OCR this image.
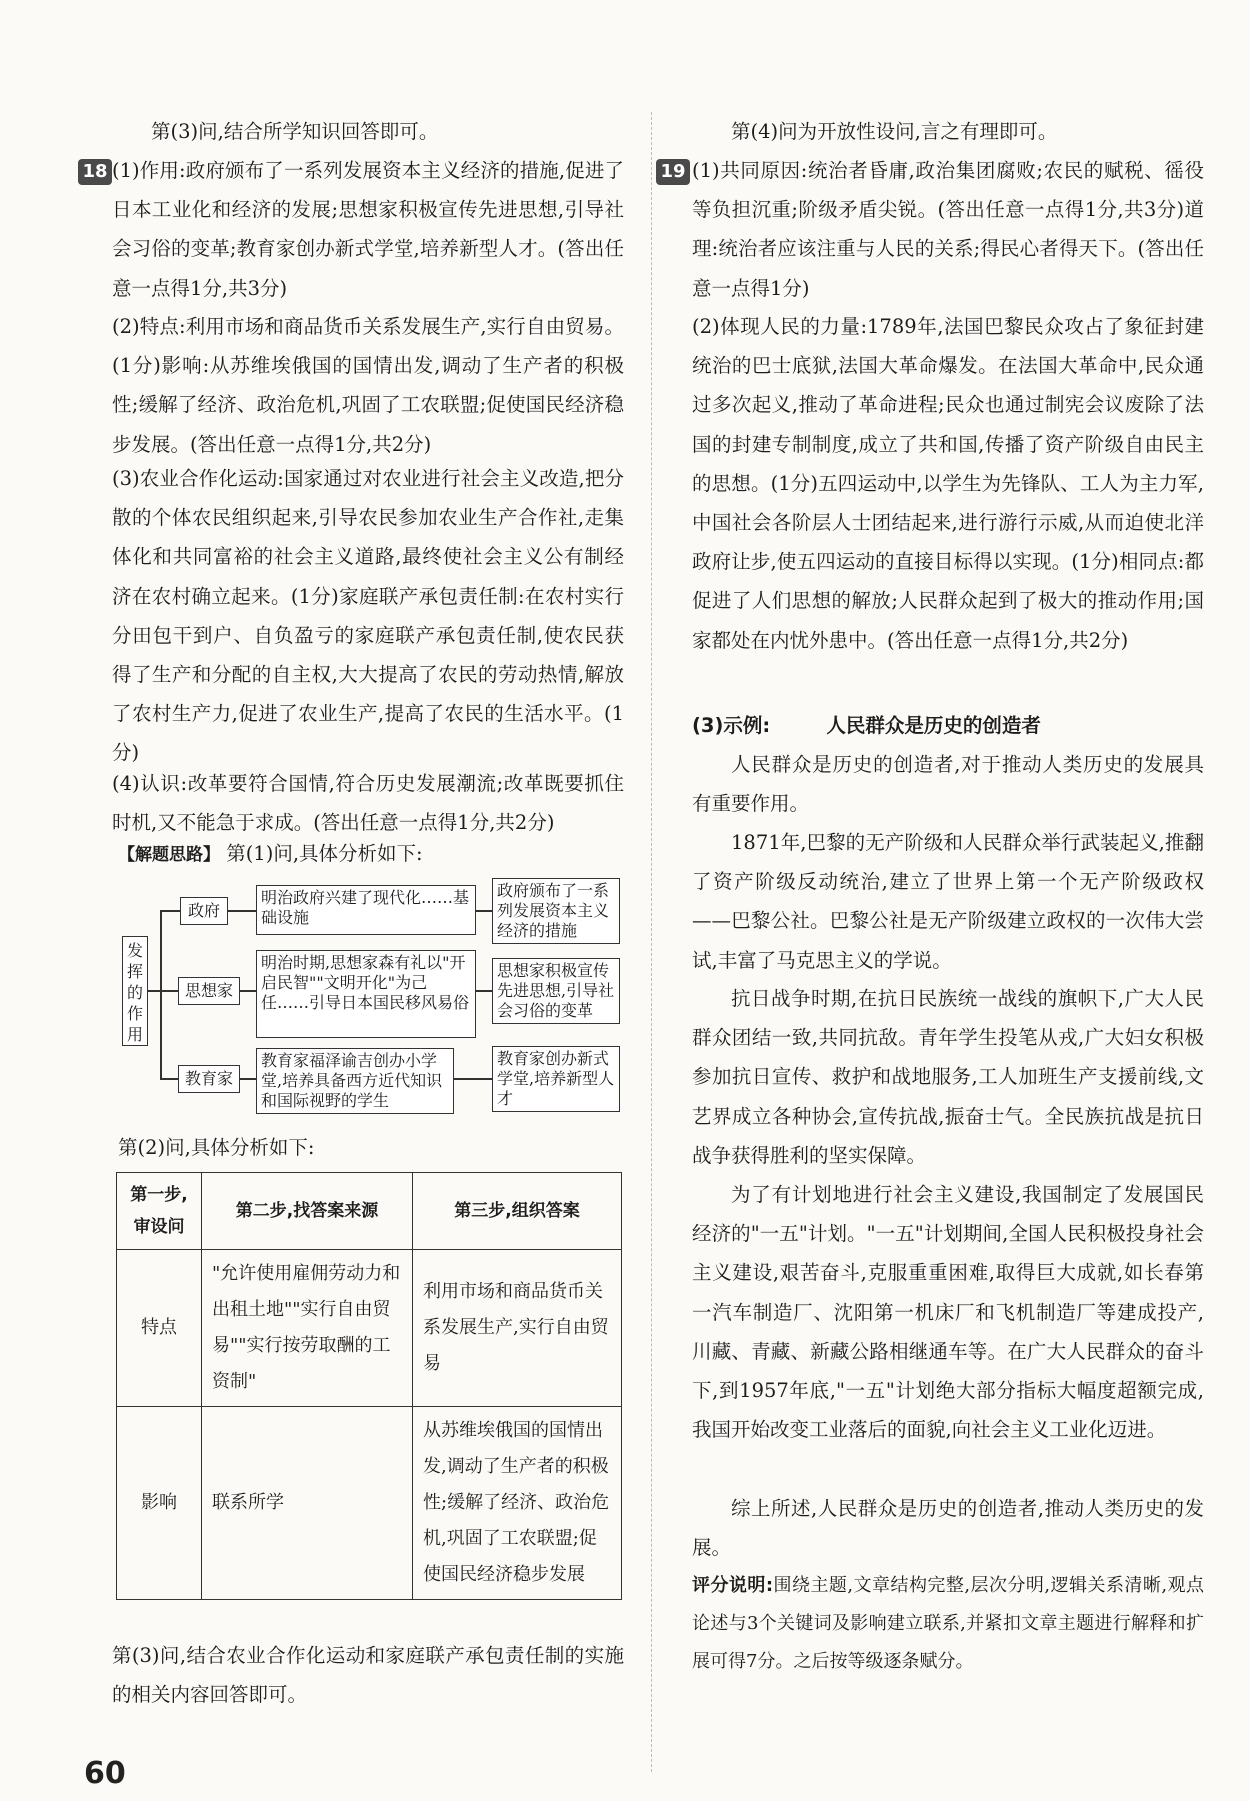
第(3)问,结合所学知识回答即可。

18 (1)作用:政府颁布了一系列发展资本主义经济的措施,促进了日本工业化和经济的发展;思想家积极宣传先进思想,引导社会习俗的变革;教育家创办新式学堂,培养新型人才。(答出任意一点得1分,共3分)

(2)特点:利用市场和商品货币关系发展生产,实行自由贸易。(1分)影响:从苏维埃俄国的国情出发,调动了生产者的积极性;缓解了经济、政治危机,巩固了工农联盟;促使国民经济稳步发展。(答出任意一点得1分,共2分)

(3)农业合作化运动:国家通过对农业进行社会主义改造,把分散的个体农民组织起来,引导农民参加农业生产合作社,走集体化和共同富裕的社会主义道路,最终使社会主义公有制经济在农村确立起来。(1分)家庭联产承包责任制:在农村实行分田包干到户、自负盈亏的家庭联产承包责任制,使农民获得了生产和分配的自主权,大大提高了农民的劳动热情,解放了农村生产力,促进了农业生产,提高了农民的生活水平。(1分)

(4)认识:改革要符合国情,符合历史发展潮流;改革既要抓住时机,又不能急于求成。(答出任意一点得1分,共2分)

【解题思路】 第(1)问,具体分析如下:

发挥的作用
政府
思想家
教育家
明治政府兴建了现代化……基础设施
明治时期,思想家森有礼以"开启民智""文明开化"为己任……引导日本国民移风易俗
教育家福泽谕吉创办小学堂,培养具备西方近代知识和国际视野的学生
政府颁布了一系列发展资本主义经济的措施
思想家积极宣传先进思想,引导社会习俗的变革
教育家创办新式学堂,培养新型人才

第(2)问,具体分析如下:

第一步,审设问	第二步,找答案来源	第三步,组织答案
特点	"允许使用雇佣劳动力和出租土地""实行自由贸易""实行按劳取酬的工资制"	利用市场和商品货币关系发展生产,实行自由贸易
影响	联系所学	从苏维埃俄国的国情出发,调动了生产者的积极性;缓解了经济、政治危机,巩固了工农联盟;促使国民经济稳步发展

第(3)问,结合农业合作化运动和家庭联产承包责任制的实施的相关内容回答即可。

第(4)问为开放性设问,言之有理即可。

19 (1)共同原因:统治者昏庸,政治集团腐败;农民的赋税、徭役等负担沉重;阶级矛盾尖锐。(答出任意一点得1分,共3分)道理:统治者应该注重与人民的关系;得民心者得天下。(答出任意一点得1分)

(2)体现人民的力量:1789年,法国巴黎民众攻占了象征封建统治的巴士底狱,法国大革命爆发。在法国大革命中,民众通过多次起义,推动了革命进程;民众也通过制宪会议废除了法国的封建专制制度,成立了共和国,传播了资产阶级自由民主的思想。(1分)五四运动中,以学生为先锋队、工人为主力军,中国社会各阶层人士团结起来,进行游行示威,从而迫使北洋政府让步,使五四运动的直接目标得以实现。(1分)相同点:都促进了人们思想的解放;人民群众起到了极大的推动作用;国家都处在内忧外患中。(答出任意一点得1分,共2分)

(3)示例:	人民群众是历史的创造者

人民群众是历史的创造者,对于推动人类历史的发展具有重要作用。

1871年,巴黎的无产阶级和人民群众举行武装起义,推翻了资产阶级反动统治,建立了世界上第一个无产阶级政权——巴黎公社。巴黎公社是无产阶级建立政权的一次伟大尝试,丰富了马克思主义的学说。

抗日战争时期,在抗日民族统一战线的旗帜下,广大人民群众团结一致,共同抗敌。青年学生投笔从戎,广大妇女积极参加抗日宣传、救护和战地服务,工人加班生产支援前线,文艺界成立各种协会,宣传抗战,振奋士气。全民族抗战是抗日战争获得胜利的坚实保障。

为了有计划地进行社会主义建设,我国制定了发展国民经济的"一五"计划。"一五"计划期间,全国人民积极投身社会主义建设,艰苦奋斗,克服重重困难,取得巨大成就,如长春第一汽车制造厂、沈阳第一机床厂和飞机制造厂等建成投产,川藏、青藏、新藏公路相继通车等。在广大人民群众的奋斗下,到1957年底,"一五"计划绝大部分指标大幅度超额完成,我国开始改变工业落后的面貌,向社会主义工业化迈进。

综上所述,人民群众是历史的创造者,推动人类历史的发展。

评分说明:围绕主题,文章结构完整,层次分明,逻辑关系清晰,观点论述与3个关键词及影响建立联系,并紧扣文章主题进行解释和扩展可得7分。之后按等级逐条赋分。

60
